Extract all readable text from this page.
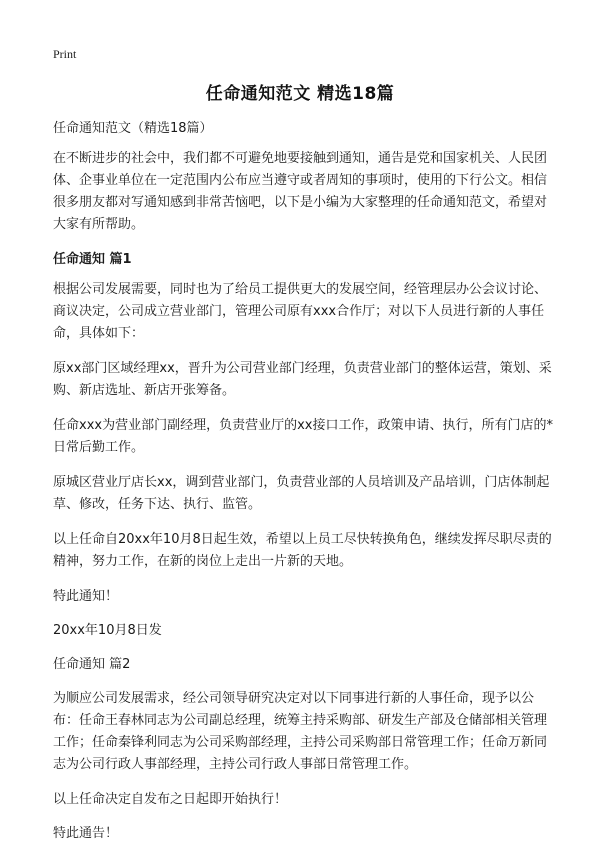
Print
任命通知范文 精选18篇

任命通知范文（精选18篇）

在不断进步的社会中，我们都不可避免地要接触到通知，通告是党和国家机关、人民团体、企事业单位在一定范围内公布应当遵守或者周知的事项时，使用的下行公文。相信很多朋友都对写通知感到非常苦恼吧，以下是小编为大家整理的任命通知范文，希望对大家有所帮助。

任命通知 篇1

根据公司发展需要，同时也为了给员工提供更大的发展空间，经管理层办公会议讨论、商议决定，公司成立营业部门，管理公司原有xxx合作厅；对以下人员进行新的人事任命，具体如下：

原xx部门区域经理xx，晋升为公司营业部门经理，负责营业部门的整体运营，策划、采购、新店选址、新店开张筹备。

任命xxx为营业部门副经理，负责营业厅的xx接口工作，政策申请、执行，所有门店的*日常后勤工作。

原城区营业厅店长xx，调到营业部门，负责营业部的人员培训及产品培训，门店体制起草、修改，任务下达、执行、监管。

以上任命自20xx年10月8日起生效，希望以上员工尽快转换角色，继续发挥尽职尽责的精神，努力工作，在新的岗位上走出一片新的天地。

特此通知！

20xx年10月8日发

任命通知 篇2

为顺应公司发展需求，经公司领导研究决定对以下同事进行新的人事任命，现予以公布：任命王春林同志为公司副总经理，统筹主持采购部、研发生产部及仓储部相关管理工作；任命秦锋利同志为公司采购部经理，主持公司采购部日常管理工作；任命万新同志为公司行政人事部经理，主持公司行政人事部日常管理工作。

以上任命决定自发布之日起即开始执行！

特此通告！
